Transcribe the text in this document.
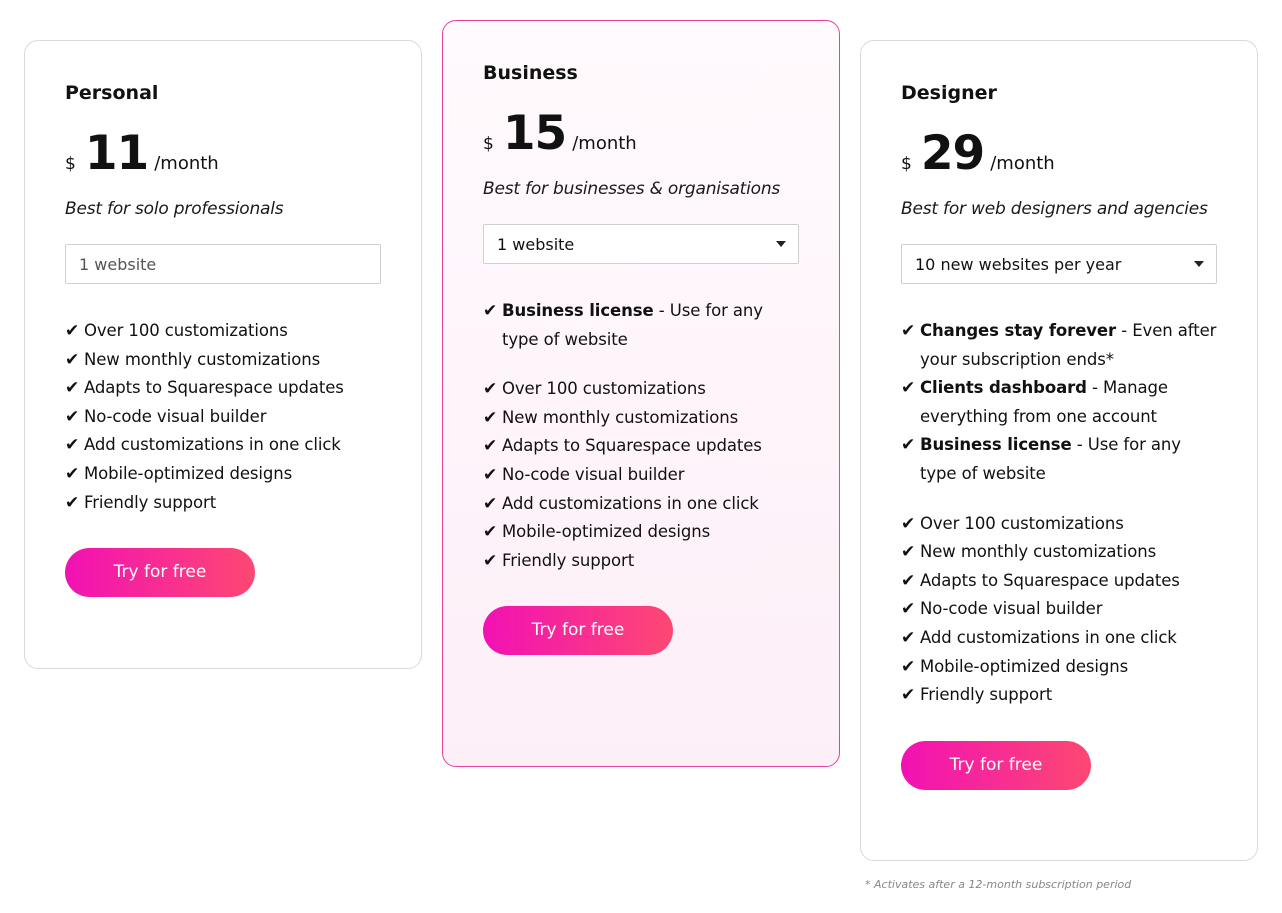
Personal
$ 11 /month
Best for solo professionals
1 website
✔ Over 100 customizations
✔ New monthly customizations
✔ Adapts to Squarespace updates
✔ No-code visual builder
✔ Add customizations in one click
✔ Mobile-optimized designs
✔ Friendly support
Try for free
Business
$ 15 /month
Best for businesses & organisations
1 website
✔ Business license - Use for any type of website
✔ Over 100 customizations
✔ New monthly customizations
✔ Adapts to Squarespace updates
✔ No-code visual builder
✔ Add customizations in one click
✔ Mobile-optimized designs
✔ Friendly support
Try for free
Designer
$ 29 /month
Best for web designers and agencies
10 new websites per year
✔ Changes stay forever - Even after your subscription ends*
✔ Clients dashboard - Manage everything from one account
✔ Business license - Use for any type of website
✔ Over 100 customizations
✔ New monthly customizations
✔ Adapts to Squarespace updates
✔ No-code visual builder
✔ Add customizations in one click
✔ Mobile-optimized designs
✔ Friendly support
Try for free
* Activates after a 12-month subscription period
